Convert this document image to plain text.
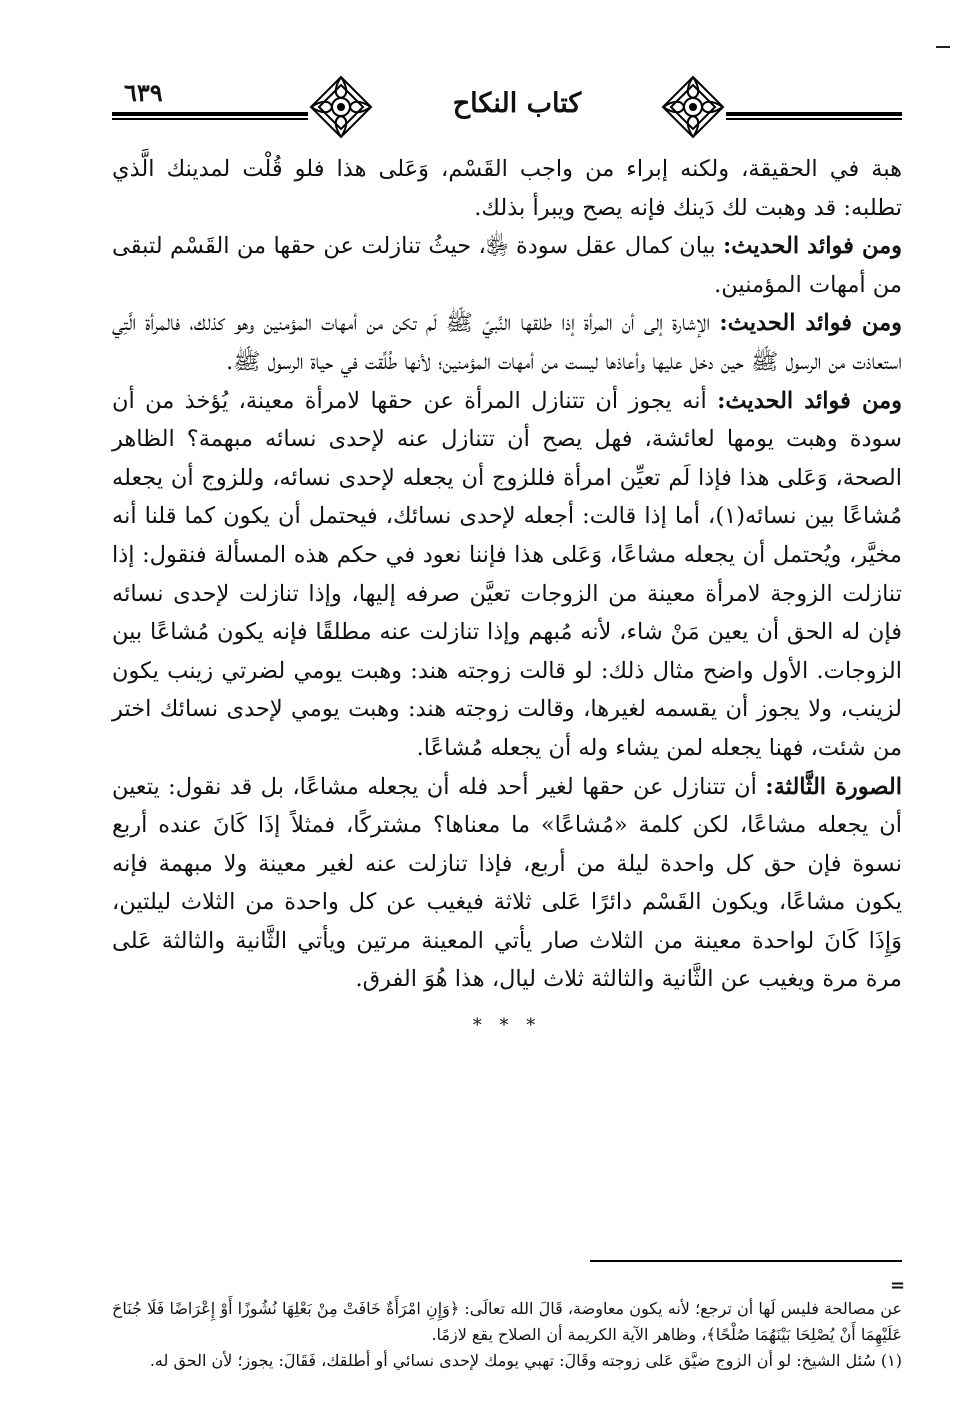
٦٣٩	كتاب النكاح

هبة في الحقيقة، ولكنه إبراء من واجب القَسْم، وَعَلى هذا فلو قُلْت لمدينك الَّذي تطلبه: قد وهبت لك دَينك فإنه يصح ويبرأ بذلك.

ومن فوائد الحديث: بيان كمال عقل سودة ﵂، حيثُ تنازلت عن حقها من القَسْم لتبقى من أمهات المؤمنين.

ومن فوائد الحديث: الإشارة إلى أن المرأة إذا طلقها النَّبيّ ﷺ لَم تكن من أمهات المؤمنين وهو كذلك، فالمرأة الَّتِي استعاذت من الرسول ﷺ حين دخل عليها وأعاذها ليست من أمهات المؤمنين؛ لأنها طُلِّقت في حياة الرسول ﷺ.

ومن فوائد الحديث: أنه يجوز أن تتنازل المرأة عن حقها لامرأة معينة، يُؤخذ من أن سودة وهبت يومها لعائشة، فهل يصح أن تتنازل عنه لإحدى نسائه مبهمة؟ الظاهر الصحة، وَعَلى هذا فإذا لَم تعيِّن امرأة فللزوج أن يجعله لإحدى نسائه، وللزوج أن يجعله مُشاعًا بين نسائه(١)، أما إذا قالت: أجعله لإحدى نسائك، فيحتمل أن يكون كما قلنا أنه مخيَّر، ويُحتمل أن يجعله مشاعًا، وَعَلى هذا فإننا نعود في حكم هذه المسألة فنقول: إذا تنازلت الزوجة لامرأة معينة من الزوجات تعيَّن صرفه إليها، وإذا تنازلت لإحدى نسائه فإن له الحق أن يعين مَنْ شاء، لأنه مُبهم وإذا تنازلت عنه مطلقًا فإنه يكون مُشاعًا بين الزوجات. الأول واضح مثال ذلك: لو قالت زوجته هند: وهبت يومي لضرتي زينب يكون لزينب، ولا يجوز أن يقسمه لغيرها، وقالت زوجته هند: وهبت يومي لإحدى نسائك اختر من شئت، فهنا يجعله لمن يشاء وله أن يجعله مُشاعًا.

الصورة الثَّالثة: أن تتنازل عن حقها لغير أحد فله أن يجعله مشاعًا، بل قد نقول: يتعين أن يجعله مشاعًا، لكن كلمة «مُشاعًا» ما معناها؟ مشتركًا، فمثلاً إذَا كَانَ عنده أربع نسوة فإن حق كل واحدة ليلة من أربع، فإذا تنازلت عنه لغير معينة ولا مبهمة فإنه يكون مشاعًا، ويكون القَسْم دائرًا عَلى ثلاثة فيغيب عن كل واحدة من الثلاث ليلتين، وَإِذَا كَانَ لواحدة معينة من الثلاث صار يأتي المعينة مرتين ويأتي الثَّانية والثالثة عَلى مرة مرة ويغيب عن الثَّانية والثالثة ثلاث ليال، هذا هُوَ الفرق.

* * *
=

عن مصالحة فليس لَها أن ترجع؛ لأنه يكون معاوضة، قَالَ الله تعالَى: ﴿وَإِنِ امْرَأَةٌ خَافَتْ مِنْ بَعْلِهَا نُشُوزًا أَوْ إِعْرَاضًا فَلَا جُنَاحَ عَلَيْهِمَا أَنْ يُصْلِحَا بَيْنَهُمَا صُلْحًا﴾، وظاهر الآية الكريمة أن الصلاح يقع لازمًا.

(١) سُئل الشيخ: لو أن الزوج ضيَّق عَلى زوجته وقَالَ: تهبي يومك لإحدى نسائي أو أطلقك، فَقَالَ: يجوز؛ لأن الحق له.
